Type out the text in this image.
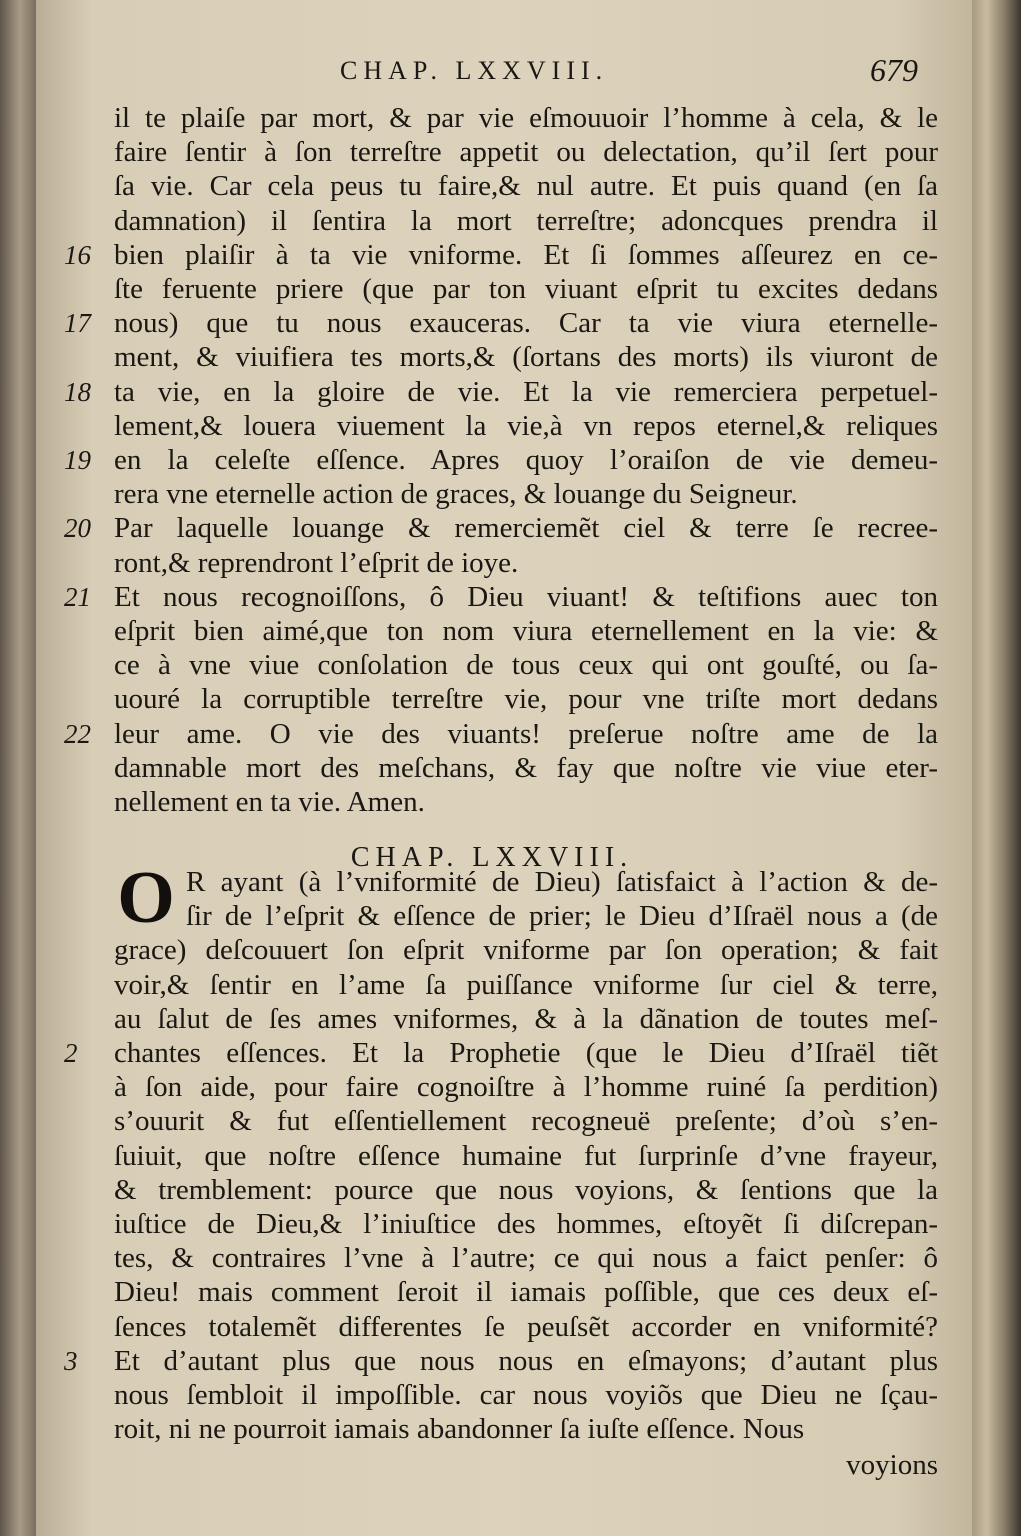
CHAP. LXXVIII.	679
il te plaiſe par mort, & par vie eſmouuoir l’homme à cela, & le
faire ſentir à ſon terreſtre appetit ou delectation, qu’il ſert pour
ſa vie. Car cela peus tu faire,& nul autre. Et puis quand (en ſa
damnation) il ſentira la mort terreſtre; adoncques prendra il
16 bien plaiſir à ta vie vniforme. Et ſi ſommes aſſeurez en ce-
ſte feruente priere (que par ton viuant eſprit tu excites dedans
17 nous) que tu nous exauceras. Car ta vie viura eternelle-
ment, & viuifiera tes morts,& (ſortans des morts) ils viuront de
18 ta vie, en la gloire de vie. Et la vie remerciera perpetuel-
lement,& louera viuement la vie,à vn repos eternel,& reliques
19 en la celeſte eſſence. Apres quoy l’oraiſon de vie demeu-
rera vne eternelle action de graces, & louange du Seigneur.
20 Par laquelle louange & remerciemẽt ciel & terre ſe recree-
ront,& reprendront l’eſprit de ioye.
21 Et nous recognoiſſons, ô Dieu viuant! & teſtifions auec ton
eſprit bien aimé,que ton nom viura eternellement en la vie: &
ce à vne viue conſolation de tous ceux qui ont gouſté, ou ſa-
uouré la corruptible terreſtre vie, pour vne triſte mort dedans
22 leur ame. O vie des viuants! preſerue noſtre ame de la
damnable mort des meſchans, & fay que noſtre vie viue eter-
nellement en ta vie. Amen.
CHAP. LXXVIII.
O R ayant (à l’vniformité de Dieu) ſatisfaict à l’action & de-
ſir de l’eſprit & eſſence de prier; le Dieu d’Iſraël nous a (de
grace) deſcouuert ſon eſprit vniforme par ſon operation; & fait
voir,& ſentir en l’ame ſa puiſſance vniforme ſur ciel & terre,
au ſalut de ſes ames vniformes, & à la dãnation de toutes meſ-
2	chantes eſſences. Et la Prophetie (que le Dieu d’Iſraël tiẽt
à ſon aide, pour faire cognoiſtre à l’homme ruiné ſa perdition)
s’ouurit & fut eſſentiellement recogneuë preſente; d’où s’en-
ſuiuit, que noſtre eſſence humaine fut ſurprinſe d’vne frayeur,
& tremblement: pource que nous voyions, & ſentions que la
iuſtice de Dieu,& l’iniuſtice des hommes, eſtoyẽt ſi diſcrepan-
tes, & contraires l’vne à l’autre; ce qui nous a faict penſer: ô
Dieu! mais comment ſeroit il iamais poſſible, que ces deux eſ-
ſences totalemẽt differentes ſe peuſsẽt accorder en vniformité?
3	Et d’autant plus que nous nous en eſmayons; d’autant plus
nous ſembloit il impoſſible. car nous voyiõs que Dieu ne ſçau-
roit, ni ne pourroit iamais abandonner ſa iuſte eſſence. Nous
voyions
